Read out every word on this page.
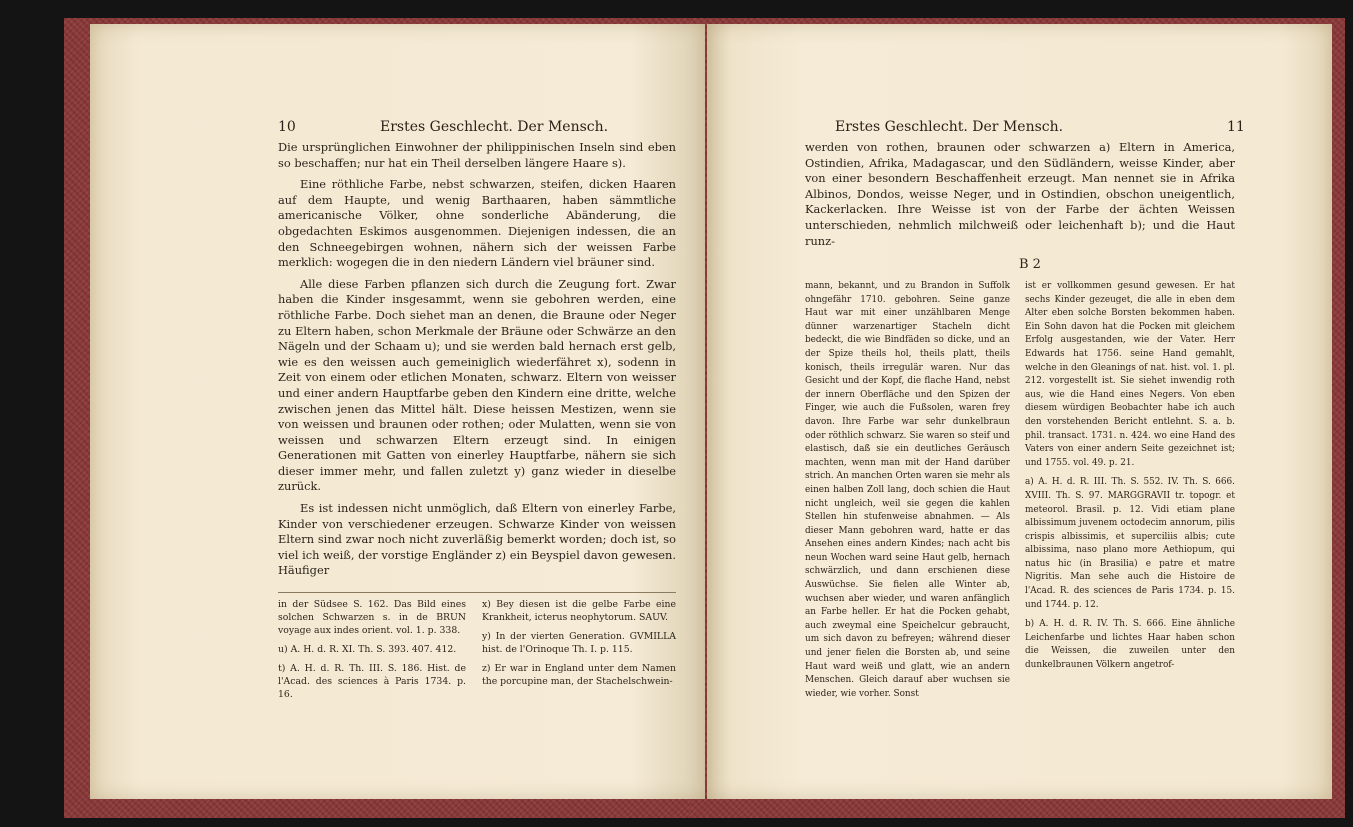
10	Erstes Geschlecht. Der Mensch.

Die ursprünglichen Einwohner der philippinischen Inseln sind eben so beschaffen; nur hat ein Theil derselben längere Haare s).

Eine röthliche Farbe, nebst schwarzen, steifen, dicken Haaren auf dem Haupte, und wenig Barthaaren, haben sämmtliche americanische Völker, ohne sonderliche Abänderung, die obgedachten Eskimos ausgenommen. Diejenigen indessen, die an den Schneegebirgen wohnen, nähern sich der weissen Farbe merklich: wogegen die in den niedern Ländern viel bräuner sind.

Alle diese Farben pflanzen sich durch die Zeugung fort. Zwar haben die Kinder insgesammt, wenn sie gebohren werden, eine röthliche Farbe. Doch siehet man an denen, die Braune oder Neger zu Eltern haben, schon Merkmale der Bräune oder Schwärze an den Nägeln und der Schaam u); und sie werden bald hernach erst gelb, wie es den weissen auch gemeiniglich wiederfähret x), sodenn in Zeit von einem oder etlichen Monaten, schwarz. Eltern von weisser und einer andern Hauptfarbe geben den Kindern eine dritte, welche zwischen jenen das Mittel hält. Diese heissen Mestizen, wenn sie von weissen und braunen oder rothen; oder Mulatten, wenn sie von weissen und schwarzen Eltern erzeugt sind. In einigen Generationen mit Gatten von einerley Hauptfarbe, nähern sie sich dieser immer mehr, und fallen zuletzt y) ganz wieder in dieselbe zurück.

Es ist indessen nicht unmöglich, daß Eltern von einerley Farbe, Kinder von verschiedener erzeugen. Schwarze Kinder von weissen Eltern sind zwar noch nicht zuverläßig bemerkt worden; doch ist, so viel ich weiß, der vorstige Engländer z) ein Beyspiel davon gewesen. Häufiger

in der Südsee S. 162. Das Bild eines solchen Schwarzen s. in de BRUN voyage aux indes orient. vol. 1. p. 338.

u) A. H. d. R. XI. Th. S. 393. 407. 412.

t) A. H. d. R. Th. III. S. 186. Hist. de l'Acad. des sciences à Paris 1734. p. 16.

x) Bey diesen ist die gelbe Farbe eine Krankheit, icterus neophytorum. SAUV.

y) In der vierten Generation. GVMILLA hist. de l'Orinoque Th. I. p. 115.

z) Er war in England unter dem Namen the porcupine man, der Stachelschwein-

Erstes Geschlecht. Der Mensch.	11

werden von rothen, braunen oder schwarzen a) Eltern in America, Ostindien, Afrika, Madagascar, und den Südländern, weisse Kinder, aber von einer besondern Beschaffenheit erzeugt. Man nennet sie in Afrika Albinos, Dondos, weisse Neger, und in Ostindien, obschon uneigentlich, Kackerlacken. Ihre Weisse ist von der Farbe der ächten Weissen unterschieden, nehmlich milchweiß oder leichenhaft b); und die Haut runz-

B 2

mann, bekannt, und zu Brandon in Suffolk ohngefähr 1710. gebohren. Seine ganze Haut war mit einer unzählbaren Menge dünner warzenartiger Stacheln dicht bedeckt, die wie Bindfäden so dicke, und an der Spize theils hol, theils platt, theils konisch, theils irregulär waren. Nur das Gesicht und der Kopf, die flache Hand, nebst der innern Oberfläche und den Spizen der Finger, wie auch die Fußsolen, waren frey davon. Ihre Farbe war sehr dunkelbraun oder röthlich schwarz. Sie waren so steif und elastisch, daß sie ein deutliches Geräusch machten, wenn man mit der Hand darüber strich. An manchen Orten waren sie mehr als einen halben Zoll lang, doch schien die Haut nicht ungleich, weil sie gegen die kahlen Stellen hin stufenweise abnahmen. — Als dieser Mann gebohren ward, hatte er das Ansehen eines andern Kindes; nach acht bis neun Wochen ward seine Haut gelb, hernach schwärzlich, und dann erschienen diese Auswüchse. Sie fielen alle Winter ab, wuchsen aber wieder, und waren anfänglich an Farbe heller. Er hat die Pocken gehabt, auch zweymal eine Speichelcur gebraucht, um sich davon zu befreyen; während dieser und jener fielen die Borsten ab, und seine Haut ward weiß und glatt, wie an andern Menschen. Gleich darauf aber wuchsen sie wieder, wie vorher. Sonst

ist er vollkommen gesund gewesen. Er hat sechs Kinder gezeuget, die alle in eben dem Alter eben solche Borsten bekommen haben. Ein Sohn davon hat die Pocken mit gleichem Erfolg ausgestanden, wie der Vater. Herr Edwards hat 1756. seine Hand gemahlt, welche in den Gleanings of nat. hist. vol. 1. pl. 212. vorgestellt ist. Sie siehet inwendig roth aus, wie die Hand eines Negers. Von eben diesem würdigen Beobachter habe ich auch den vorstehenden Bericht entlehnt. S. a. b. phil. transact. 1731. n. 424. wo eine Hand des Vaters von einer andern Seite gezeichnet ist; und 1755. vol. 49. p. 21.

a) A. H. d. R. III. Th. S. 552. IV. Th. S. 666. XVIII. Th. S. 97. MARGGRAVII tr. topogr. et meteorol. Brasil. p. 12. Vidi etiam plane albissimum juvenem octodecim annorum, pilis crispis albissimis, et superciliis albis; cute albissima, naso plano more Aethiopum, qui natus hic (in Brasilia) e patre et matre Nigritis. Man sehe auch die Histoire de l'Acad. R. des sciences de Paris 1734. p. 15. und 1744. p. 12.

b) A. H. d. R. IV. Th. S. 666. Eine ähnliche Leichenfarbe und lichtes Haar haben schon die Weissen, die zuweilen unter den dunkelbraunen Völkern angetrof-
